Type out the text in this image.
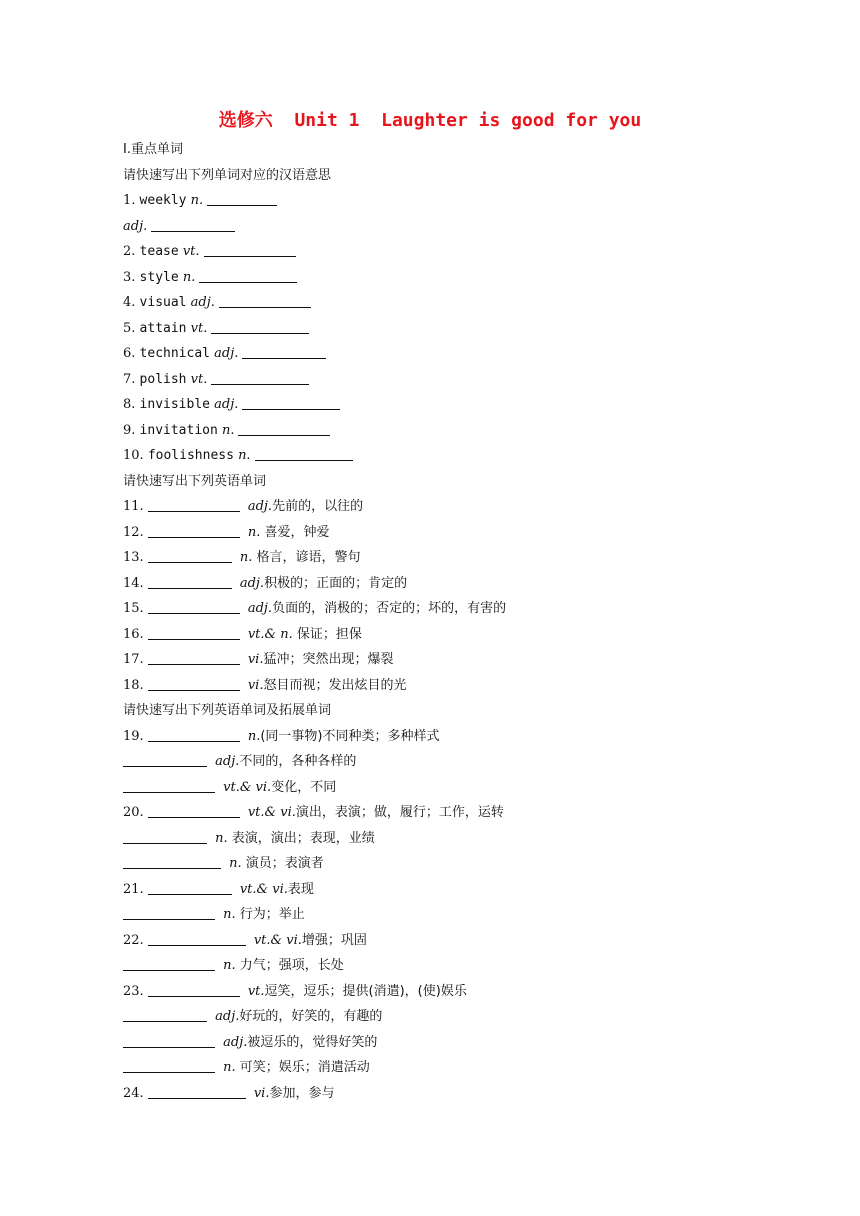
选修六  Unit 1  Laughter is good for you
Ⅰ.重点单词
请快速写出下列单词对应的汉语意思
1. weekly n.
adj.
2. tease vt.
3. style n.
4. visual adj.
5. attain vt.
6. technical adj.
7. polish vt.
8. invisible adj.
9. invitation n.
10. foolishness n.
请快速写出下列英语单词
11.	adj.先前的，以往的
12.	n. 喜爱，钟爱
13.	n. 格言，谚语，警句
14.	adj.积极的；正面的；肯定的
15.	adj.负面的，消极的；否定的；坏的，有害的
16.	vt.& n. 保证；担保
17.	vi.猛冲；突然出现；爆裂
18.	vi.怒目而视；发出炫目的光
请快速写出下列英语单词及拓展单词
19.	n.(同一事物)不同种类；多种样式
adj.不同的，各种各样的
vt.& vi.变化，不同
20.	vt.& vi.演出，表演；做，履行；工作，运转
n. 表演，演出；表现，业绩
n. 演员；表演者
21.	vt.& vi.表现
n. 行为；举止
22.	vt.& vi.增强；巩固
n. 力气；强项，长处
23.	vt.逗笑，逗乐；提供(消遣)，(使)娱乐
adj.好玩的，好笑的，有趣的
adj.被逗乐的，觉得好笑的
n. 可笑；娱乐；消遣活动
24.	vi.参加，参与
